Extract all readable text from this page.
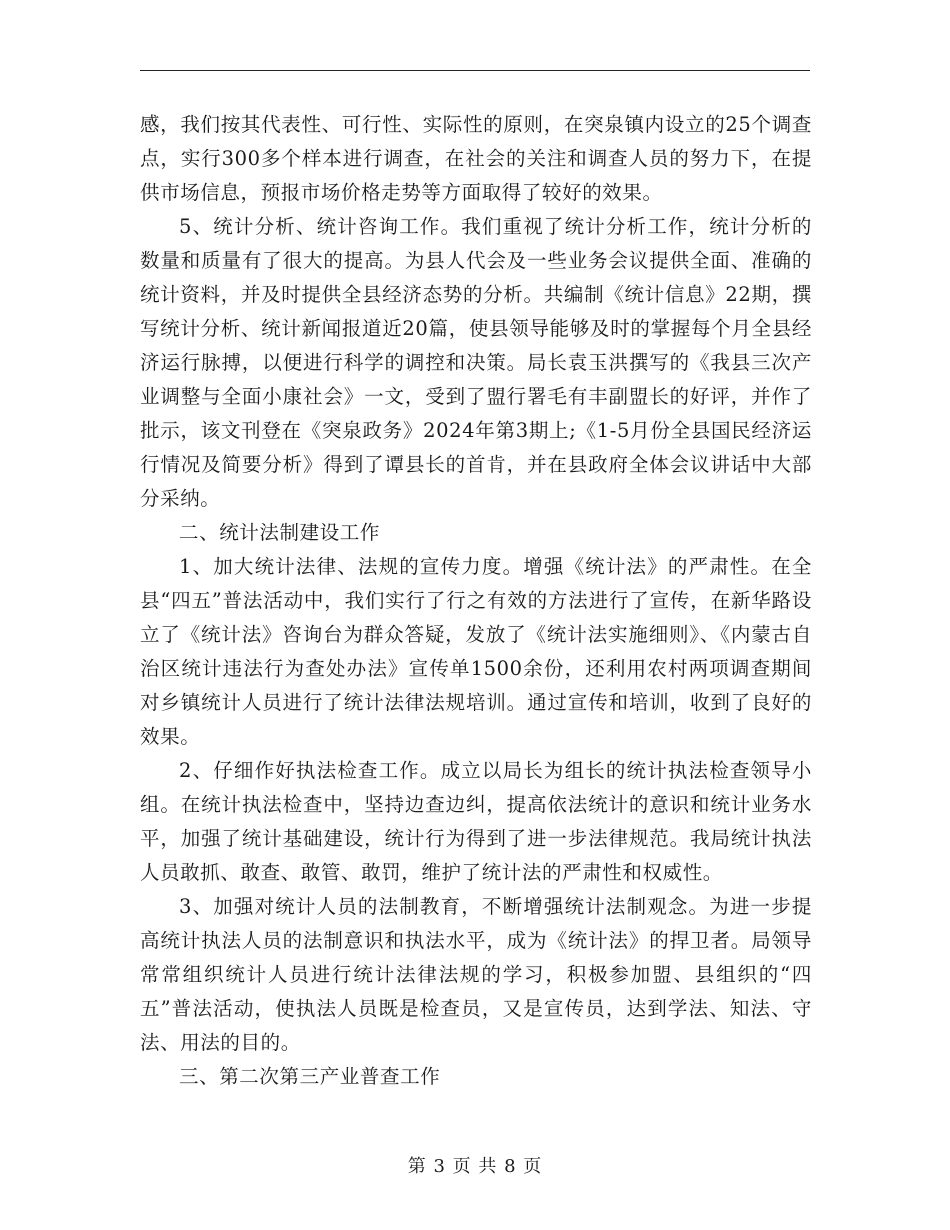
感，我们按其代表性、可行性、实际性的原则，在突泉镇内设立的25个调查点，实行300多个样本进行调查，在社会的关注和调查人员的努力下，在提供市场信息，预报市场价格走势等方面取得了较好的效果。

5、统计分析、统计咨询工作。我们重视了统计分析工作，统计分析的数量和质量有了很大的提高。为县人代会及一些业务会议提供全面、准确的统计资料，并及时提供全县经济态势的分析。共编制《统计信息》22期，撰写统计分析、统计新闻报道近20篇，使县领导能够及时的掌握每个月全县经济运行脉搏，以便进行科学的调控和决策。局长袁玉洪撰写的《我县三次产业调整与全面小康社会》一文，受到了盟行署毛有丰副盟长的好评，并作了批示，该文刊登在《突泉政务》2024年第3期上;《1-5月份全县国民经济运行情况及简要分析》得到了谭县长的首肯，并在县政府全体会议讲话中大部分采纳。

二、统计法制建设工作

1、加大统计法律、法规的宣传力度。增强《统计法》的严肃性。在全县“四五”普法活动中，我们实行了行之有效的方法进行了宣传，在新华路设立了《统计法》咨询台为群众答疑，发放了《统计法实施细则》、《内蒙古自治区统计违法行为查处办法》宣传单1500余份，还利用农村两项调查期间对乡镇统计人员进行了统计法律法规培训。通过宣传和培训，收到了良好的效果。

2、仔细作好执法检查工作。成立以局长为组长的统计执法检查领导小组。在统计执法检查中，坚持边查边纠，提高依法统计的意识和统计业务水平，加强了统计基础建设，统计行为得到了进一步法律规范。我局统计执法人员敢抓、敢查、敢管、敢罚，维护了统计法的严肃性和权威性。

3、加强对统计人员的法制教育，不断增强统计法制观念。为进一步提高统计执法人员的法制意识和执法水平，成为《统计法》的捍卫者。局领导常常组织统计人员进行统计法律法规的学习，积极参加盟、县组织的“四五”普法活动，使执法人员既是检查员，又是宣传员，达到学法、知法、守法、用法的目的。

三、第二次第三产业普查工作

第 3 页 共 8 页
